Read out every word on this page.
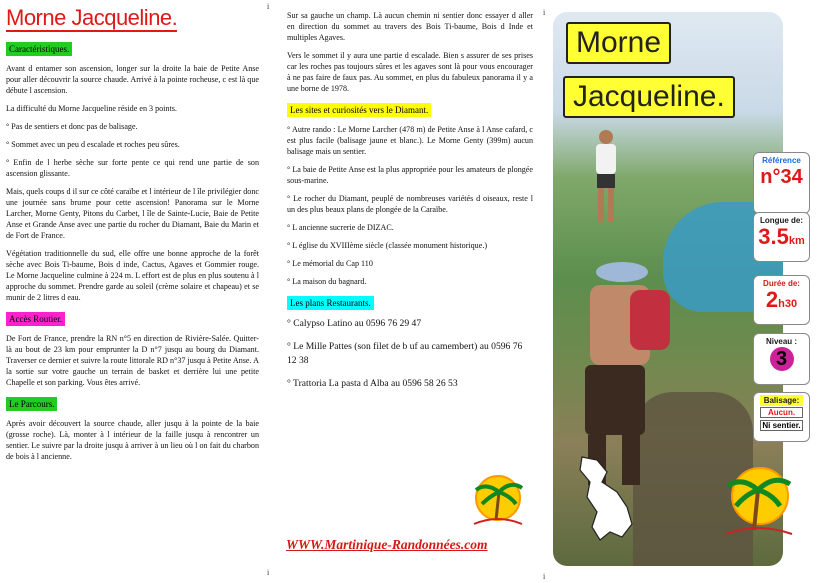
Morne Jacqueline.
Caractéristiques.

Avant d entamer son ascension, longer sur la droite la baie de Petite Anse pour aller découvrir la source chaude. Arrivé à la pointe rocheuse, c est là que débute l ascension.

La difficulté du Morne Jacqueline réside en 3 points.

° Pas de sentiers et donc pas de balisage.

° Sommet avec un peu d escalade et roches peu sûres.

° Enfin de l herbe sèche sur forte pente ce qui rend une partie de son ascension glissante.

Mais, quels coups d il sur ce côté caraïbe et l intérieur de l île privilégier donc une journée sans brume pour cette ascension! Panorama sur le Morne Larcher, Morne Genty, Pitons du Carbet, l île de Sainte-Lucie, Baie de Petite Anse et Grande Anse avec une partie du rocher du Diamant, Baie du Marin et de Fort de France.

Végétation traditionnelle du sud, elle offre une bonne approche de la forêt sèche avec Bois Ti-baume, Bois d inde, Cactus, Agaves et Gommier rouge. Le Morne Jacqueline culmine à 224 m. L effort est de plus en plus soutenu à l approche du sommet. Prendre garde au soleil (crème solaire et chapeau) et se munir de 2 litres d eau.

Accès Routier.

De Fort de France, prendre la RN n°5 en direction de Rivière-Salée. Quitter-là au bout de 23 km pour emprunter la D n°7 jusqu au bourg du Diamant. Traverser ce dernier et suivre la route littorale RD n°37 jusqu à Petite Anse. A la sortie sur votre gauche un terrain de basket et derrière lui une petite Chapelle et son parking. Vous êtes arrivé.

Le Parcours.

Après avoir découvert la source chaude, aller jusqu à la pointe de la baie (grosse roche). Là, monter à l intérieur de la faille jusqu à rencontrer un sentier. Le suivre par la droite jusqu à arriver à un lieu où l on fait du charbon de bois à l ancienne.

i
i
i
i

Sur sa gauche un champ. Là aucun chemin ni sentier donc essayer d aller en direction du sommet au travers des Bois Ti-baume, Bois d Inde et multiples Agaves.

Vers le sommet il y aura une partie d escalade. Bien s assurer de ses prises car les roches pas toujours sûres et les agaves sont là pour vous encourager à ne pas faire de faux pas. Au sommet, en plus du fabuleux panorama il y a une borne de 1978.

Les sites et curiosités vers le Diamant.

° Autre rando : Le Morne Larcher (478 m) de Petite Anse à l Anse cafard, c est plus facile (balisage jaune et blanc.). Le Morne Genty (399m) aucun balisage mais un sentier.

° La baie de Petite Anse est la plus appropriée pour les amateurs de plongée sous-marine.

° Le rocher du Diamant, peuplé de nombreuses variétés d oiseaux, reste l un des plus beaux plans de plongée de la Caraïbe.

° L ancienne sucrerie de DIZAC.

° L église du XVIIIème siècle (classée monument historique.)

° Le mémorial du Cap 110

° La maison du bagnard.

Les plans Restaurants.

° Calypso Latino au 0596 76 29 47

° Le Mille Pattes (son filet de b uf au camembert) au 0596 76 12 38

° Trattoria La pasta d Alba au 0596 58 26 53

WWW.Martinique-Randonnées.com
Morne
Jacqueline.
Référence
n°34
Longue de:
3.5km
Durée de:
2h30
Niveau :
3
Balisage:
Aucun.
Ni sentier.
